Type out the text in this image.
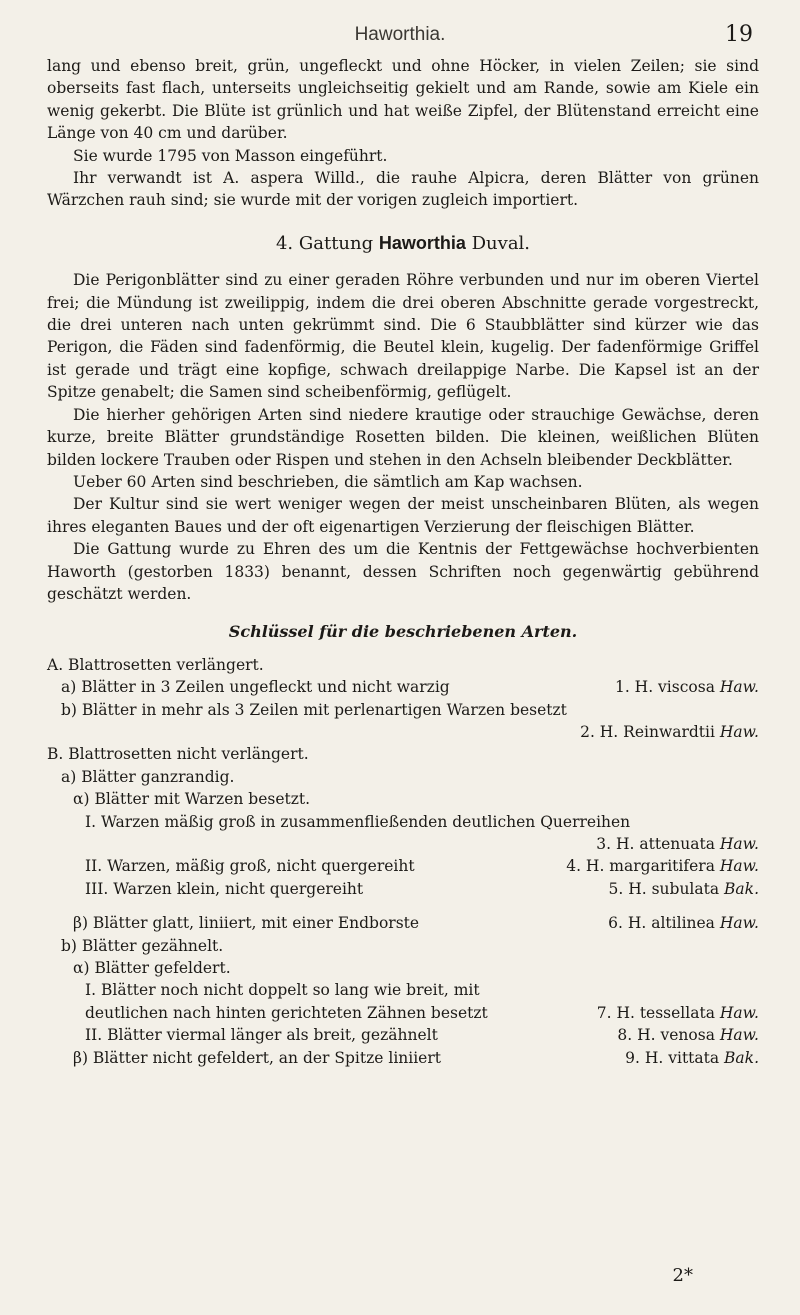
Haworthia.	19

lang und ebenso breit, grün, ungefleckt und ohne Höcker, in vielen Zeilen; sie sind oberseits fast flach, unterseits ungleichseitig gekielt und am Rande, sowie am Kiele ein wenig gekerbt. Die Blüte ist grünlich und hat weiße Zipfel, der Blütenstand erreicht eine Länge von 40 cm und darüber.

Sie wurde 1795 von Masson eingeführt.

Ihr verwandt ist A. aspera Willd., die rauhe Alpicra, deren Blätter von grünen Wärzchen rauh sind; sie wurde mit der vorigen zugleich importiert.

4. Gattung Haworthia Duval.

Die Perigonblätter sind zu einer geraden Röhre verbunden und nur im oberen Viertel frei; die Mündung ist zweilippig, indem die drei oberen Abschnitte gerade vorgestreckt, die drei unteren nach unten gekrümmt sind. Die 6 Staubblätter sind kürzer wie das Perigon, die Fäden sind fadenförmig, die Beutel klein, kugelig. Der fadenförmige Griffel ist gerade und trägt eine kopfige, schwach dreilappige Narbe. Die Kapsel ist an der Spitze genabelt; die Samen sind scheibenförmig, geflügelt.

Die hierher gehörigen Arten sind niedere krautige oder strauchige Gewächse, deren kurze, breite Blätter grundständige Rosetten bilden. Die kleinen, weißlichen Blüten bilden lockere Trauben oder Rispen und stehen in den Achseln bleibender Deckblätter.

Ueber 60 Arten sind beschrieben, die sämtlich am Kap wachsen.

Der Kultur sind sie wert weniger wegen der meist unscheinbaren Blüten, als wegen ihres eleganten Baues und der oft eigenartigen Verzierung der fleischigen Blätter.

Die Gattung wurde zu Ehren des um die Kentnis der Fettgewächse hochverbienten Haworth (gestorben 1833) benannt, dessen Schriften noch gegenwärtig gebührend geschätzt werden.

Schlüssel für die beschriebenen Arten.

A. Blattrosetten verlängert.
a) Blätter in 3 Zeilen ungefleckt und nicht warzig	1. H. viscosa Haw.
b) Blätter in mehr als 3 Zeilen mit perlenartigen Warzen besetzt
2. H. Reinwardtii Haw.
B. Blattrosetten nicht verlängert.
a) Blätter ganzrandig.
α) Blätter mit Warzen besetzt.
I. Warzen mäßig groß in zusammenfließenden deutlichen Querreihen
3. H. attenuata Haw.
II. Warzen, mäßig groß, nicht quergereiht	4. H. margaritifera Haw.
III. Warzen klein, nicht quergereiht	5. H. subulata Bak.
β) Blätter glatt, liniiert, mit einer Endborste	6. H. altilinea Haw.
b) Blätter gezähnelt.
α) Blätter gefeldert.
I. Blätter noch nicht doppelt so lang wie breit, mit deutlichen nach hinten gerichteten Zähnen besetzt	7. H. tessellata Haw.
II. Blätter viermal länger als breit, gezähnelt	8. H. venosa Haw.
β) Blätter nicht gefeldert, an der Spitze liniiert	9. H. vittata Bak.
2*
